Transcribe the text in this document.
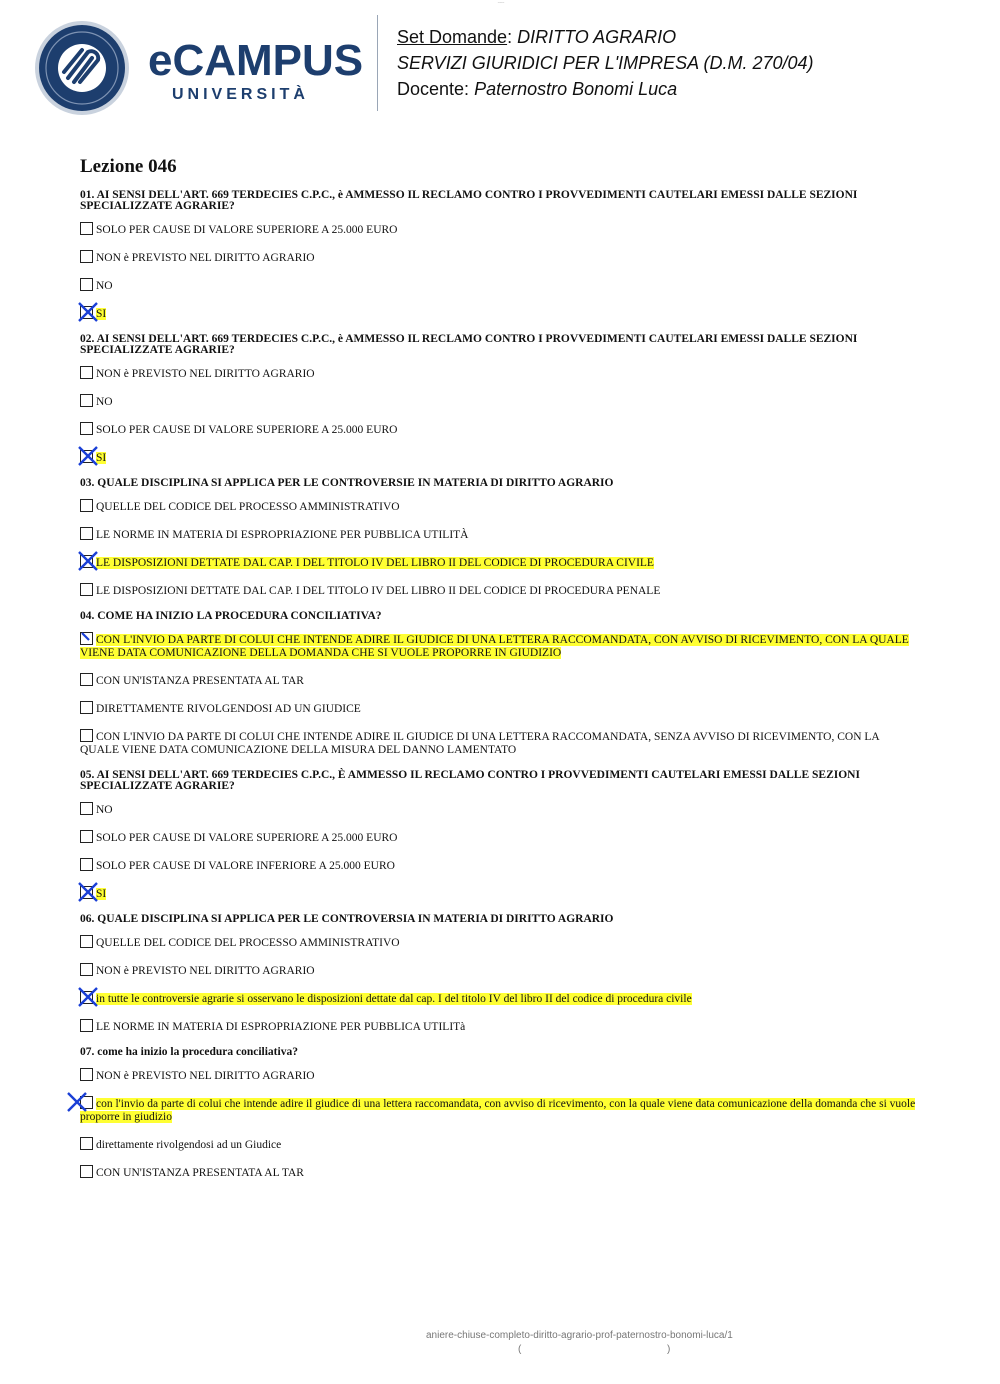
~~~
eCAMPUS
UNIVERSITÀ
Set Domande: DIRITTO AGRARIO
SERVIZI GIURIDICI PER L'IMPRESA (D.M. 270/04)
Docente: Paternostro Bonomi Luca
Lezione 046
01. AI SENSI DELL'ART. 669 TERDECIES C.P.C., è AMMESSO IL RECLAMO CONTRO I PROVVEDIMENTI CAUTELARI EMESSI DALLE SEZIONI SPECIALIZZATE AGRARIE?
SOLO PER CAUSE DI VALORE SUPERIORE A 25.000 EURO
NON è PREVISTO NEL DIRITTO AGRARIO
NO
SI
02. AI SENSI DELL'ART. 669 TERDECIES C.P.C., è AMMESSO IL RECLAMO CONTRO I PROVVEDIMENTI CAUTELARI EMESSI DALLE SEZIONI SPECIALIZZATE AGRARIE?
NON è PREVISTO NEL DIRITTO AGRARIO
NO
SOLO PER CAUSE DI VALORE SUPERIORE A 25.000 EURO
SI
03. QUALE DISCIPLINA SI APPLICA PER LE CONTROVERSIE IN MATERIA DI DIRITTO AGRARIO
QUELLE DEL CODICE DEL PROCESSO AMMINISTRATIVO
LE NORME IN MATERIA DI ESPROPRIAZIONE PER PUBBLICA UTILITÀ
LE DISPOSIZIONI DETTATE DAL CAP. I DEL TITOLO IV DEL LIBRO II DEL CODICE DI PROCEDURA CIVILE
LE DISPOSIZIONI DETTATE DAL CAP. I DEL TITOLO IV DEL LIBRO II DEL CODICE DI PROCEDURA PENALE
04. COME HA INIZIO LA PROCEDURA CONCILIATIVA?
CON L'INVIO DA PARTE DI COLUI CHE INTENDE ADIRE IL GIUDICE DI UNA LETTERA RACCOMANDATA, CON AVVISO DI RICEVIMENTO, CON LA QUALE VIENE DATA COMUNICAZIONE DELLA DOMANDA CHE SI VUOLE PROPORRE IN GIUDIZIO
CON UN'ISTANZA PRESENTATA AL TAR
DIRETTAMENTE RIVOLGENDOSI AD UN GIUDICE
CON L'INVIO DA PARTE DI COLUI CHE INTENDE ADIRE IL GIUDICE DI UNA LETTERA RACCOMANDATA, SENZA AVVISO DI RICEVIMENTO, CON LA QUALE VIENE DATA COMUNICAZIONE DELLA MISURA DEL DANNO LAMENTATO
05. AI SENSI DELL'ART. 669 TERDECIES C.P.C., È AMMESSO IL RECLAMO CONTRO I PROVVEDIMENTI CAUTELARI EMESSI DALLE SEZIONI SPECIALIZZATE AGRARIE?
NO
SOLO PER CAUSE DI VALORE SUPERIORE A 25.000 EURO
SOLO PER CAUSE DI VALORE INFERIORE A 25.000 EURO
SI
06. QUALE DISCIPLINA SI APPLICA PER LE CONTROVERSIA IN MATERIA DI DIRITTO AGRARIO
QUELLE DEL CODICE DEL PROCESSO AMMINISTRATIVO
NON è PREVISTO NEL DIRITTO AGRARIO
in tutte le controversie agrarie si osservano le disposizioni dettate dal cap. I del titolo IV del libro II del codice di procedura civile
LE NORME IN MATERIA DI ESPROPRIAZIONE PER PUBBLICA UTILITà
07. come ha inizio la procedura conciliativa?
NON è PREVISTO NEL DIRITTO AGRARIO
con l'invio da parte di colui che intende adire il giudice di una lettera raccomandata, con avviso di ricevimento, con la quale viene data comunicazione della domanda che si vuole proporre in giudizio
direttamente rivolgendosi ad un Giudice
CON UN'ISTANZA PRESENTATA AL TAR
aniere-chiuse-completo-diritto-agrario-prof-paternostro-bonomi-luca/1
(	)
